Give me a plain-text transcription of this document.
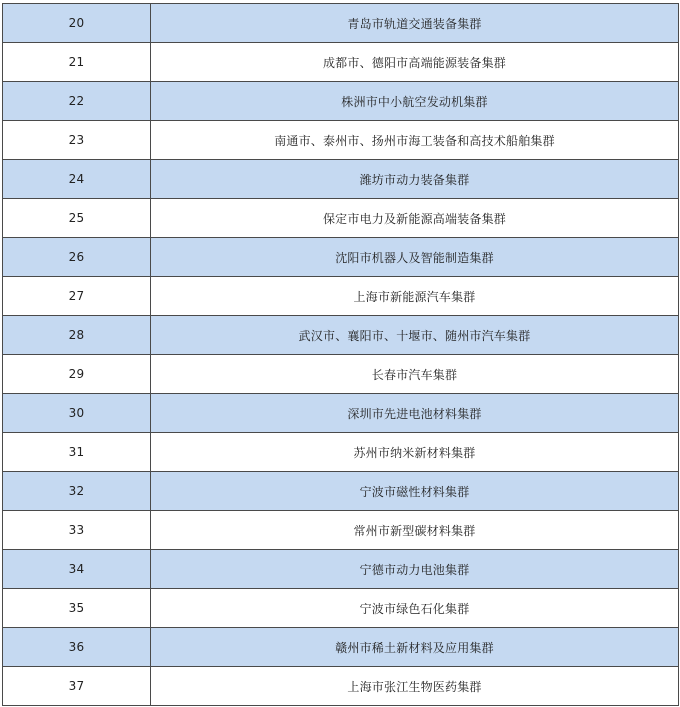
20	青岛市轨道交通装备集群
21	成都市、德阳市高端能源装备集群
22	株洲市中小航空发动机集群
23	南通市、泰州市、扬州市海工装备和高技术船舶集群
24	潍坊市动力装备集群
25	保定市电力及新能源高端装备集群
26	沈阳市机器人及智能制造集群
27	上海市新能源汽车集群
28	武汉市、襄阳市、十堰市、随州市汽车集群
29	长春市汽车集群
30	深圳市先进电池材料集群
31	苏州市纳米新材料集群
32	宁波市磁性材料集群
33	常州市新型碳材料集群
34	宁德市动力电池集群
35	宁波市绿色石化集群
36	赣州市稀土新材料及应用集群
37	上海市张江生物医药集群
